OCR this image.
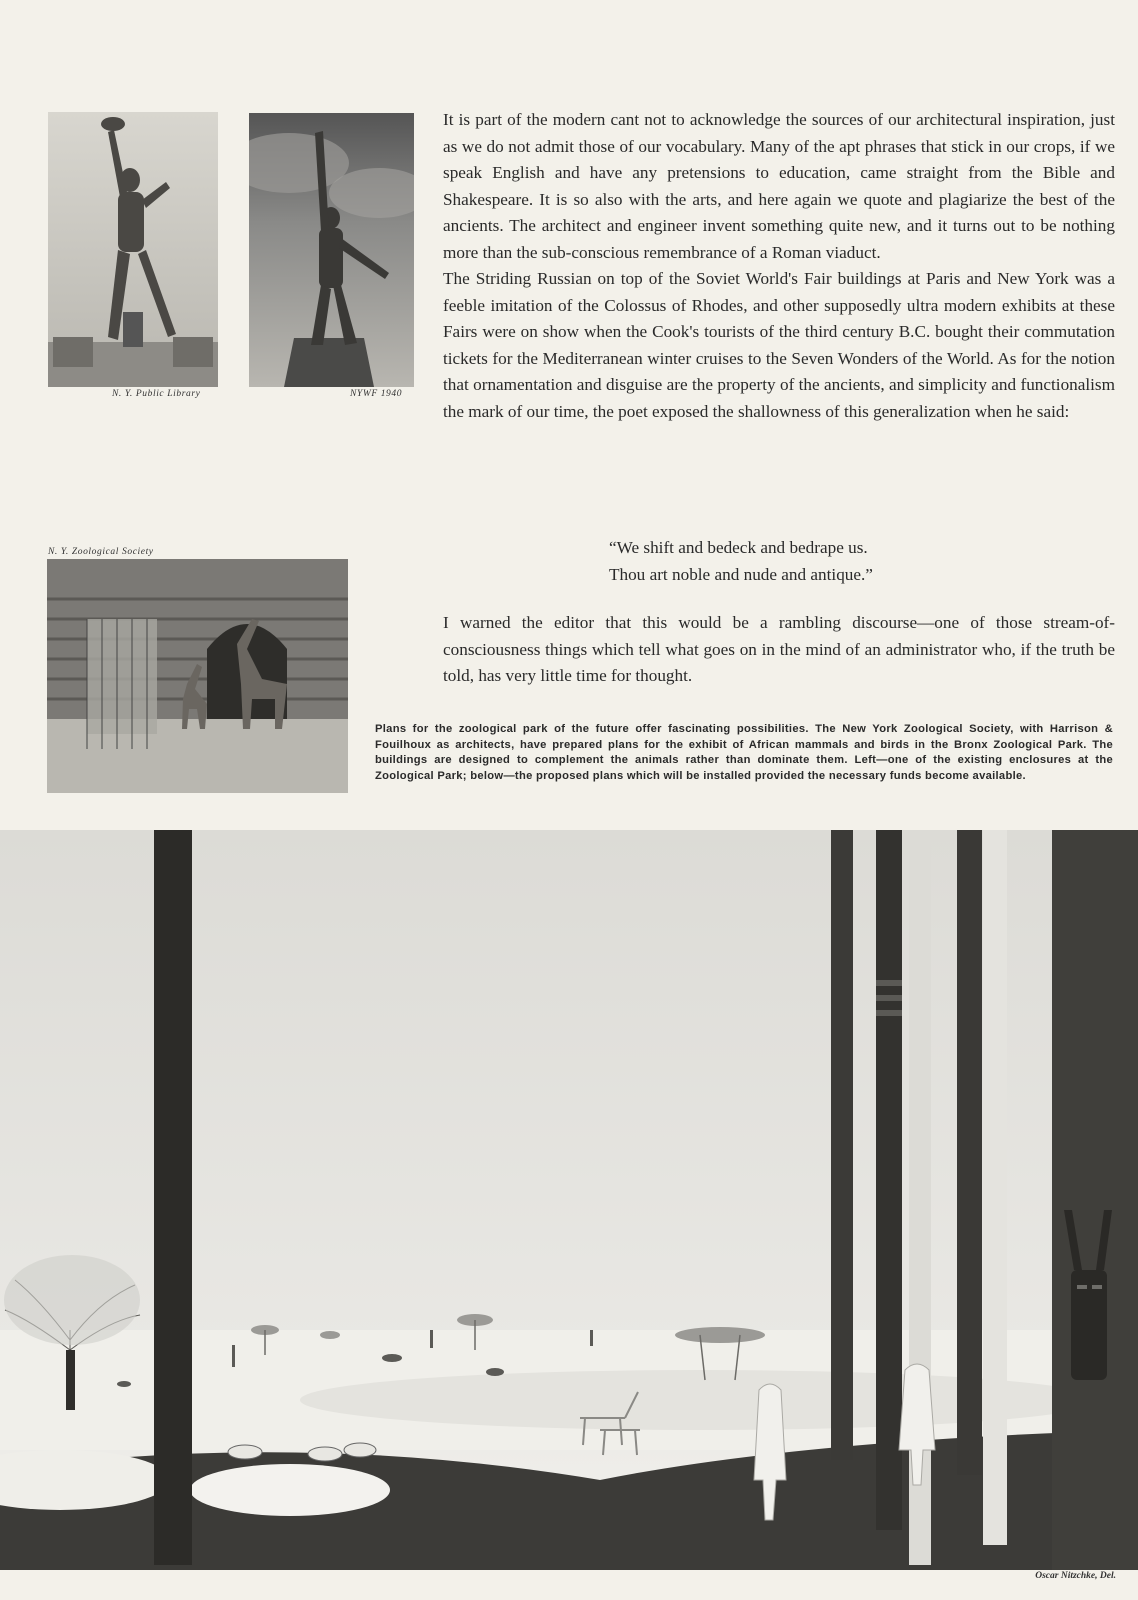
N. Y. Public Library	NYWF 1940
N. Y. Zoological Society

It is part of the modern cant not to acknowledge the sources of our architectural inspiration, just as we do not admit those of our vocabulary. Many of the apt phrases that stick in our crops, if we speak English and have any pretensions to education, came straight from the Bible and Shakespeare. It is so also with the arts, and here again we quote and plagiarize the best of the ancients. The architect and engineer invent something quite new, and it turns out to be nothing more than the sub-conscious remembrance of a Roman viaduct.

The Striding Russian on top of the Soviet World's Fair buildings at Paris and New York was a feeble imitation of the Colossus of Rhodes, and other supposedly ultra modern exhibits at these Fairs were on show when the Cook's tourists of the third century B.C. bought their commutation tickets for the Mediterranean winter cruises to the Seven Wonders of the World. As for the notion that ornamentation and disguise are the property of the ancients, and simplicity and functionalism the mark of our time, the poet exposed the shallowness of this generalization when he said:

“We shift and bedeck and bedrape us.
Thou art noble and nude and antique.”

I warned the editor that this would be a rambling discourse—one of those stream-of-consciousness things which tell what goes on in the mind of an administrator who, if the truth be told, has very little time for thought.

Plans for the zoological park of the future offer fascinating possibilities. The New York Zoological Society, with Harrison & Fouilhoux as architects, have prepared plans for the exhibit of African mammals and birds in the Bronx Zoological Park. The buildings are designed to complement the animals rather than dominate them. Left—one of the existing enclosures at the Zoological Park; below—the proposed plans which will be installed provided the necessary funds become available.
Oscar Nitzchke, Del.
